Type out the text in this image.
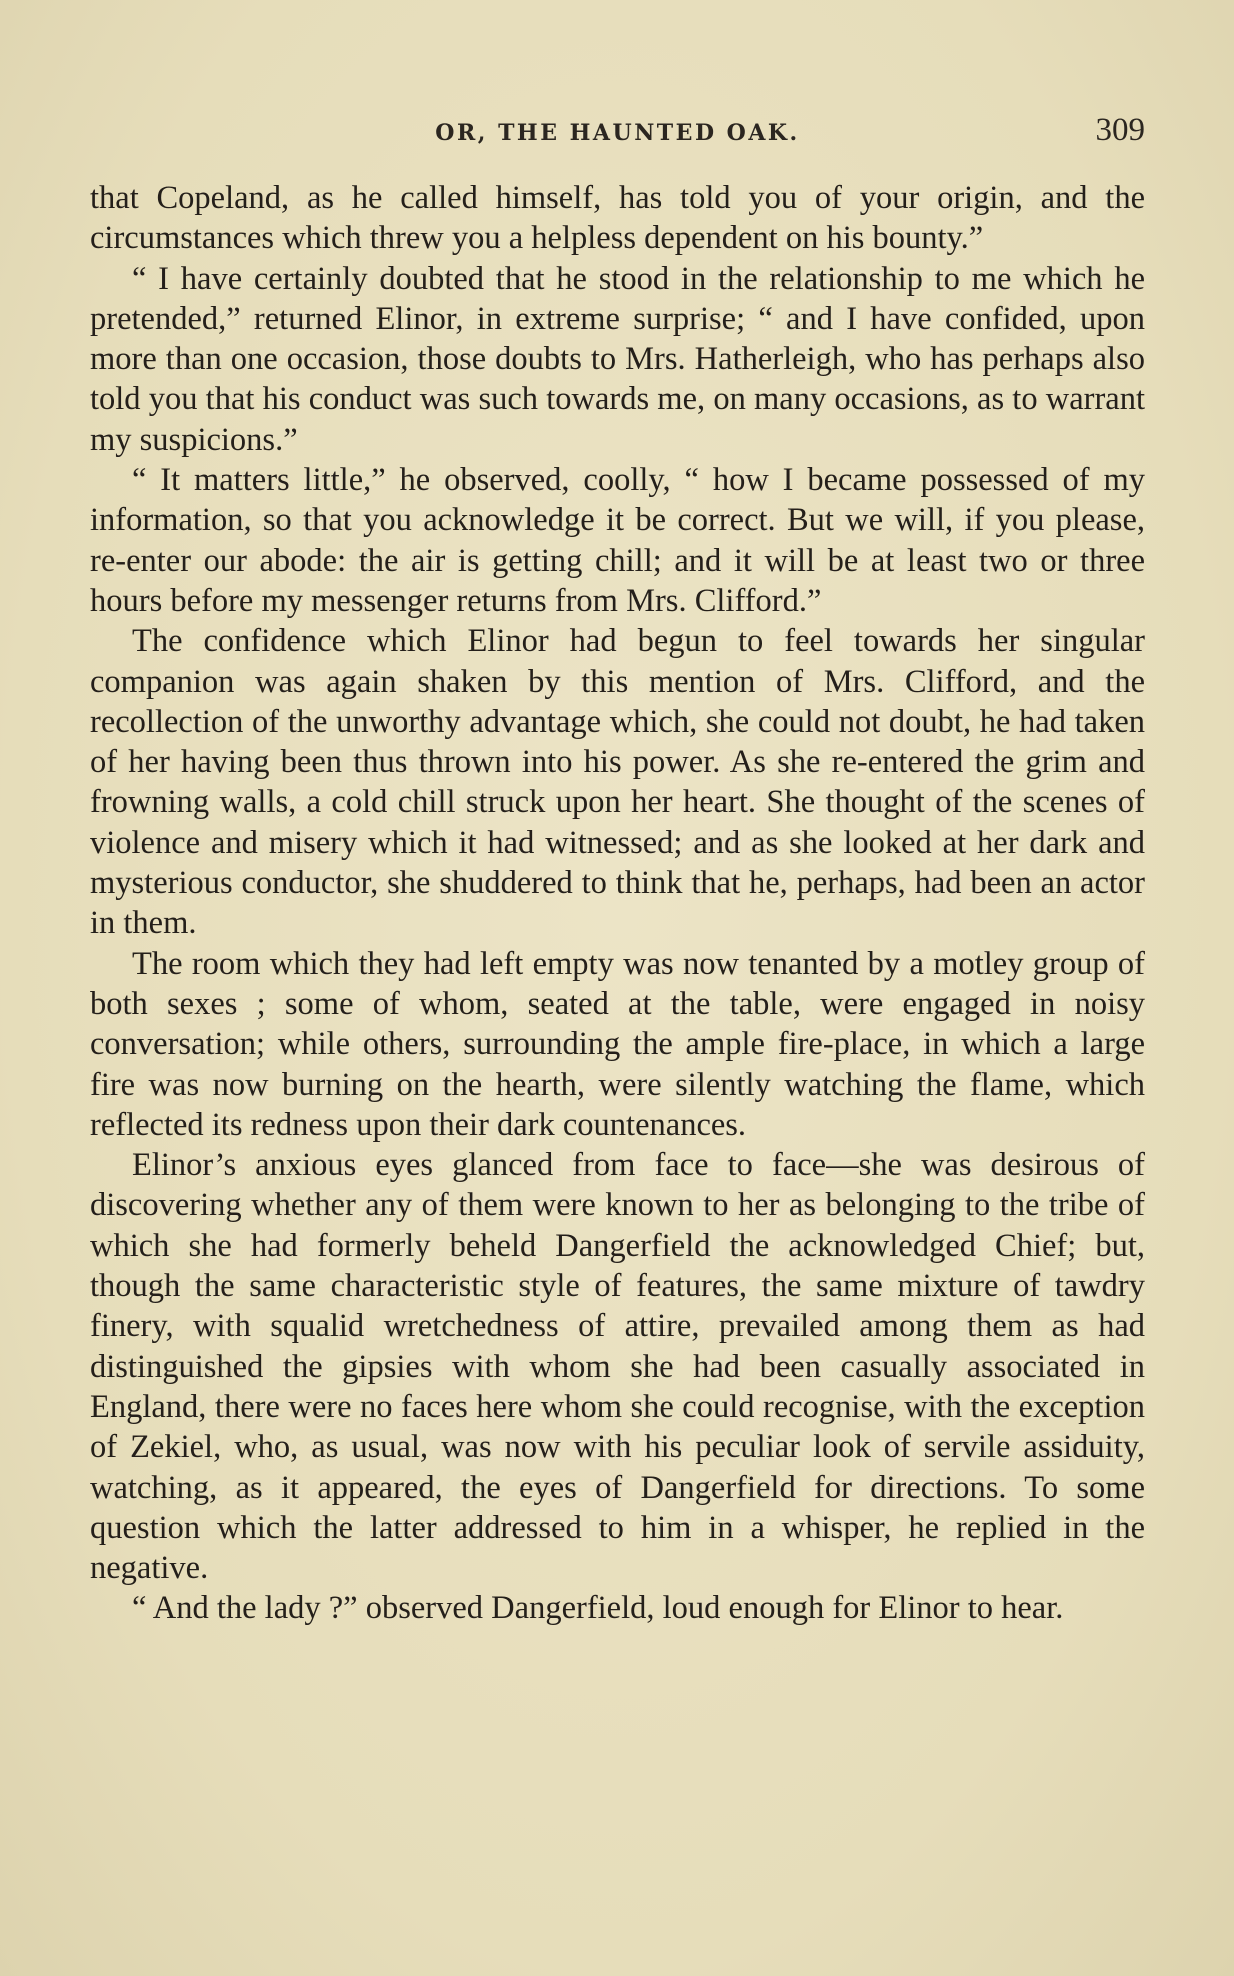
OR, THE HAUNTED OAK.	309

that Copeland, as he called himself, has told you of your origin, and the circumstances which threw you a helpless dependent on his bounty.”

“ I have certainly doubted that he stood in the relationship to me which he pretended,” returned Elinor, in extreme surprise; “ and I have confided, upon more than one occasion, those doubts to Mrs. Hatherleigh, who has perhaps also told you that his conduct was such towards me, on many occasions, as to warrant my suspicions.”

“ It matters little,” he observed, coolly, “ how I became possessed of my information, so that you acknowledge it be correct. But we will, if you please, re-enter our abode: the air is getting chill; and it will be at least two or three hours before my messenger returns from Mrs. Clifford.”

The confidence which Elinor had begun to feel towards her singular companion was again shaken by this mention of Mrs. Clifford, and the recollection of the unworthy advantage which, she could not doubt, he had taken of her having been thus thrown into his power. As she re-entered the grim and frowning walls, a cold chill struck upon her heart. She thought of the scenes of violence and misery which it had witnessed; and as she looked at her dark and mysterious conductor, she shuddered to think that he, perhaps, had been an actor in them.

The room which they had left empty was now tenanted by a motley group of both sexes ; some of whom, seated at the table, were engaged in noisy conversation; while others, surrounding the ample fire-place, in which a large fire was now burning on the hearth, were silently watching the flame, which reflected its redness upon their dark countenances.

Elinor’s anxious eyes glanced from face to face—she was desirous of discovering whether any of them were known to her as belonging to the tribe of which she had formerly beheld Dangerfield the acknowledged Chief; but, though the same characteristic style of features, the same mixture of tawdry finery, with squalid wretchedness of attire, prevailed among them as had distinguished the gipsies with whom she had been casually associated in England, there were no faces here whom she could recognise, with the exception of Zekiel, who, as usual, was now with his peculiar look of servile assiduity, watching, as it appeared, the eyes of Dangerfield for directions. To some question which the latter addressed to him in a whisper, he replied in the negative.

“ And the lady ?” observed Dangerfield, loud enough for Elinor to hear.
